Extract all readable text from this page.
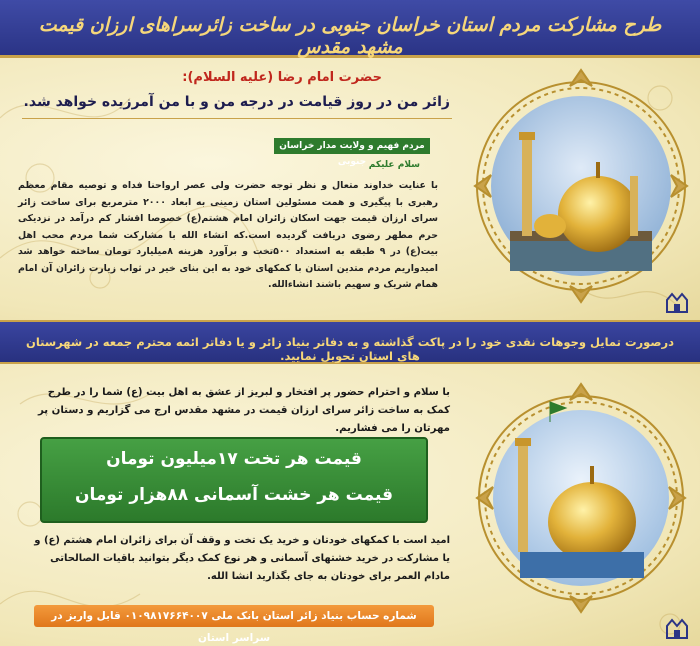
طرح مشارکت مردم استان خراسان جنوبی در ساخت زائرسراهای ارزان قیمت مشهد مقدس
حضرت امام رضا (علیه السلام):
زائر من در روز قیامت در درجه من و با من آمرزیده خواهد شد.
مردم فهیم و ولایت مدار خراسان جنوبی سلام علیکم
با عنایت خداوند متعال و نظر توجه حضرت ولی عصر ارواحنا فداه و توصیه مقام معظم رهبری با پیگیری و همت مسئولین استان زمینی به ابعاد ۲۰۰۰ مترمربع برای ساخت زائر سرای ارزان قیمت جهت اسکان زائران امام هشتم(ع) خصوصا اقشار کم درآمد در نزدیکی حرم مطهر رضوی دریافت گردیده است.که انشاء الله با مشارکت شما مردم محب اهل بیت(ع) در ۹ طبقه به استعداد ۵۰۰تخت و برآورد هزینه ۸میلیارد تومان ساخته خواهد شد امیدواریم مردم متدین استان با کمکهای خود به این بنای خیر در ثواب زیارت زائران آن امام همام شریک و سهیم باشند انشاءالله.
درصورت تمایل وجوهات نقدی خود را در پاکت گذاشته و به دفاتر بنیاد زائر و یا دفاتر ائمه محترم جمعه در شهرستان های استان تحویل نمایید.
با سلام و احترام حضور پر افتخار و لبریز از عشق به اهل بیت (ع) شما را در طرح کمک به ساخت زائر سرای ارزان قیمت در مشهد مقدس ارج می گزاریم و دستان پر مهرتان را می فشاریم.
قیمت هر تخت ۱۷میلیون تومان
قیمت هر خشت آسمانی ۸۸هزار تومان
امید است با کمکهای خودتان و خرید یک تخت و وقف آن برای زائران امام هشتم (ع) و یا مشارکت در خرید خشتهای آسمانی و هر نوع کمک دیگر بتوانید باقیات الصالحاتی مادام العمر برای خودتان به جای بگذارید انشا الله.
شماره حساب بنیاد زائر استان بانک ملی ۰۱۰۹۸۱۷۶۶۴۰۰۷ قابل واریز در سراسر استان
